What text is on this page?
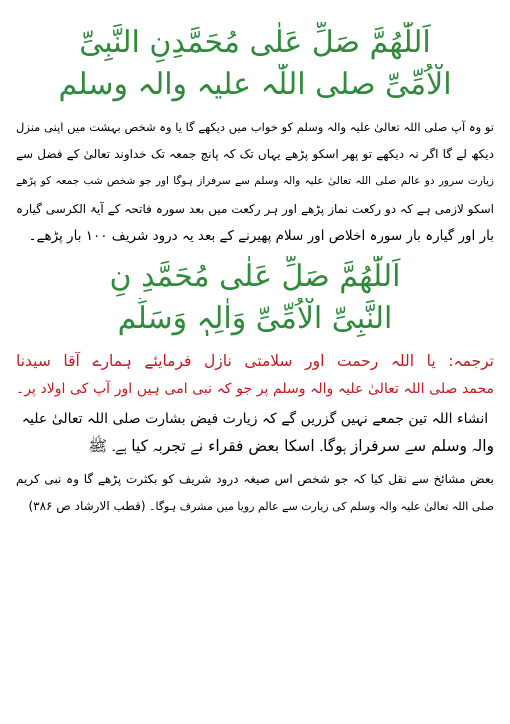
اَللّٰھُمَّ صَلِّ عَلٰی مُحَمَّدِنِ النَّبِیِّ
الْاُمِّیِّ صلی اللّٰہ علیہ والہ وسلم
تو وہ آپ صلی اللہ تعالیٰ علیہ والہ وسلم کو خواب میں دیکھے گا یا وہ شخص بہشت میں اپنی منزل
دیکھ لے گا اگر نہ دیکھے تو پھر اسکو پڑھے یہاں تک کہ پانچ جمعہ تک خداوند تعالیٰ کے فضل سے
زیارت سرور دو عالم صلی اللہ تعالیٰ علیہ والہ وسلم سے سرفراز ہوگا اور جو شخص شب جمعہ کو پڑھے
اسکو لازمی ہے کہ دو رکعت نماز پڑھے اور ہر رکعت میں بعد سورہ فاتحہ کے آیۃ الکرسی گیارہ
بار اور گیارہ بار سورہ اخلاص اور سلام پھیرنے کے بعد یہ درود شریف ۱۰۰ بار پڑھے۔
اَللّٰھُمَّ صَلِّ عَلٰی مُحَمَّدِ نِ
النَّبِیِّ الْاُمِّیِّ وَاٰلِہٖ وَسَلِّم
ترجمہ: یا اللہ رحمت اور سلامتی نازل فرمایئے ہمارے آقا سیدنا
محمد صلی اللہ تعالیٰ علیہ والہ وسلم پر جو کہ نبی امی ہیں اور آپ کی اولاد پر۔
انشاء اللہ تین جمعے نہیں گزریں گے کہ زیارت فیض بشارت صلی اللہ تعالیٰ علیہ
والہ وسلم سے سرفراز ہوگا۔ اسکا بعض فقراء نے تجربہ کیا ہے۔ ﷺ
بعض مشائخ سے نقل کیا کہ جو شخص اس صیغہ درود شریف کو بکثرت پڑھے گا وہ نبی کریم
صلی اللہ تعالیٰ علیہ والہ وسلم کی زیارت سے عالم رویا میں مشرف ہوگا۔ (قطب الارشاد ص ۳۸۶)
